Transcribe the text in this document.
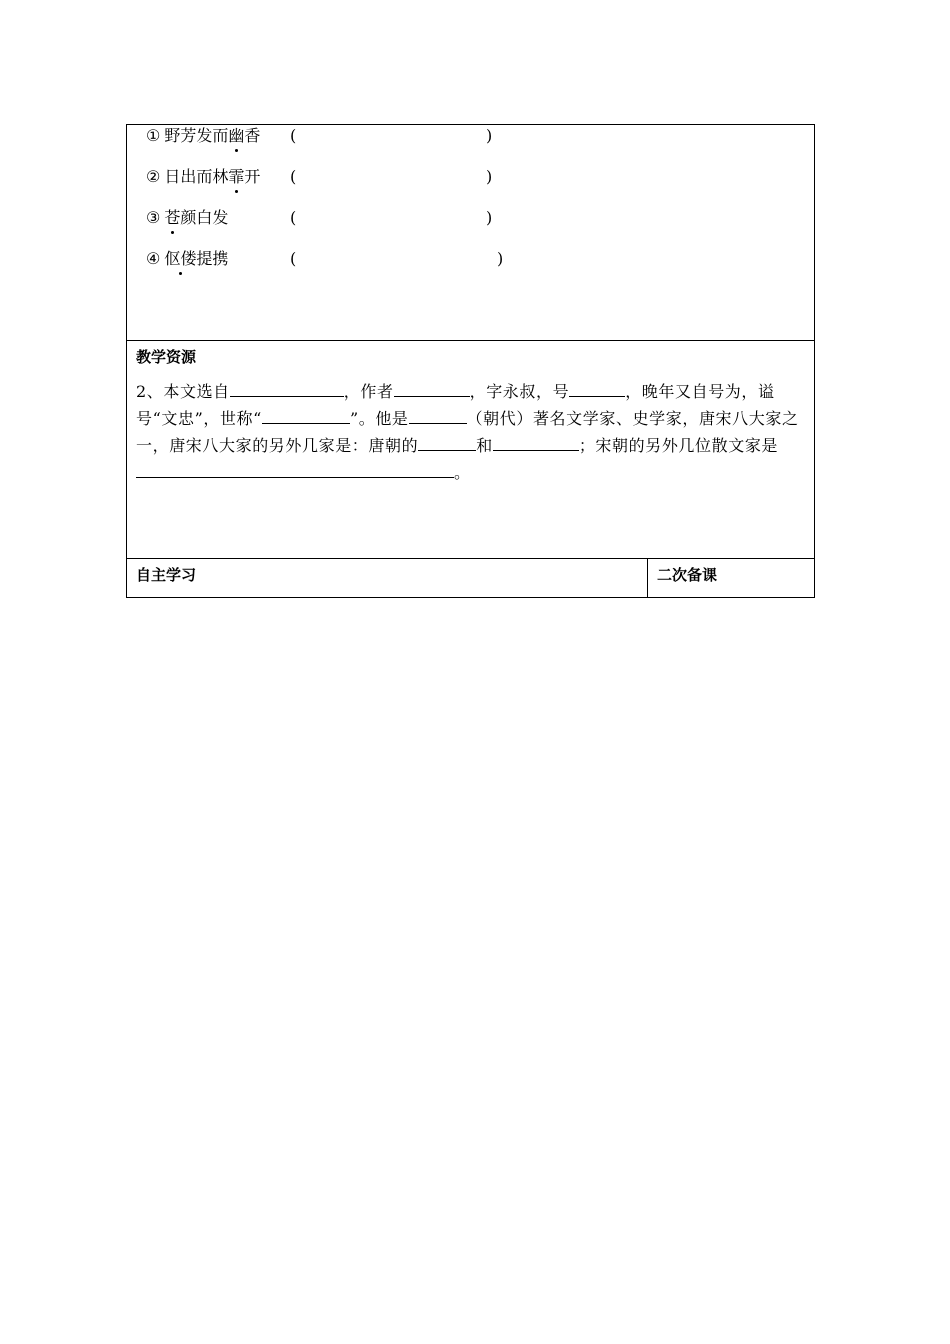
① 野芳发而幽香 (	)
② 日出而林霏开 (	)
③ 苍颜白发	(	)
④ 伛偻提携	(	)
教学资源
2、本文选自	，作者	，字永叔，号	，晚年又自号为，谥号“文忠”，世称“	”。他是	（朝代）著名文学家、史学家，唐宋八大家之一，唐宋八大家的另外几家是：唐朝的	和	；宋朝的另外几位散文家是。
自主学习	二次备课
